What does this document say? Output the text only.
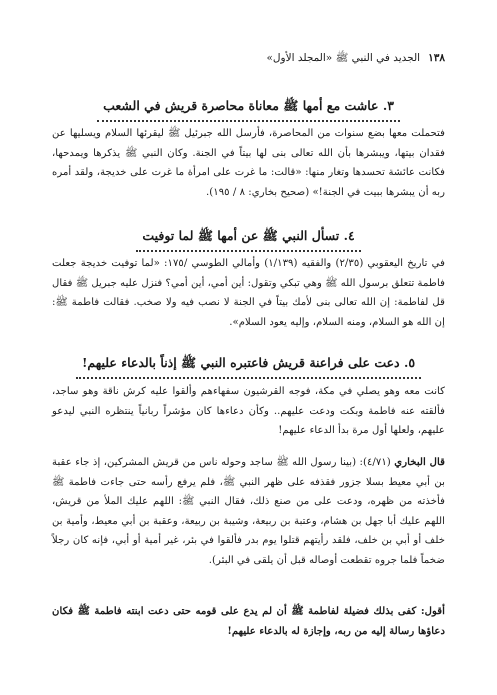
١٣٨
الجديد في النبي ﷺ «المجلد الأول»
٣. عاشت مع أمها ﷺ معاناة محاصرة قريش في الشعب
فتحملت معها بضع سنوات من المحاصرة، فأرسل الله جبرئيل ﷺ ليقرئها السلام ويسليها عن فقدان بيتها، ويبشرها بأن الله تعالى بنى لها بيتاً في الجنة. وكان النبي ﷺ يذكرها ويمدحها، فكانت عائشة تحسدها وتغار منها: «قالت: ما غرت على امرأة ما غرت على خديجة، ولقد أمره ربه أن يبشرها ببيت في الجنة!» (صحيح بخاري: ٨ / ١٩٥).
٤. تسأل النبي ﷺ عن أمها ﷺ لما توفيت
في تاريخ اليعقوبي (٢/٣٥) والفقيه (١/١٣٩) وأمالي الطوسي /١٧٥: «لما توفيت خديجة جعلت فاطمة تتعلق برسول الله ﷺ وهي تبكي وتقول: أين أمي، أين أمي؟ فنزل عليه جبريل ﷺ فقال قل لفاطمة: إن الله تعالى بنى لأمك بيتاً في الجنة لا نصب فيه ولا صخب. فقالت فاطمة ﷺ: إن الله هو السلام، ومنه السلام، وإليه يعود السلام».
٥. دعت على فراعنة قريش فاعتبره النبي ﷺ إذناً بالدعاء عليهم!
كانت معه وهو يصلي في مكة، فوجه القرشيون سفهاءهم وألقوا عليه كرش ناقة وهو ساجد، فألقته عنه فاطمة وبكت ودعت عليهم.. وكأن دعاءها كان مؤشراً ربانياً ينتظره النبي ليدعو عليهم، ولعلها أول مرة بدأ الدعاء عليهم!
قال البخاري (٤/٧١): (بينا رسول الله ﷺ ساجد وحوله ناس من قريش المشركين، إذ جاء عقبة بن أبي معيط بسلا جزور فقذفه على ظهر النبي ﷺ، فلم يرفع رأسه حتى جاءت فاطمة ﷺ فأخذته من ظهره، ودعت على من صنع ذلك، فقال النبي ﷺ: اللهم عليك الملأ من قريش، اللهم عليك أبا جهل بن هشام، وعتبة بن ربيعة، وشيبة بن ربيعة، وعقبة بن أبي معيط، وأمية بن خلف أو أبي بن خلف، فلقد رأيتهم قتلوا يوم بدر فألقوا في بئر، غير أمية أو أبي، فإنه كان رجلاً ضخماً فلما جروه تقطعت أوصاله قبل أن يلقى في البئر).
أقول: كفى بذلك فضيلة لفاطمة ﷺ أن لم يدع على قومه حتى دعت ابنته فاطمة ﷺ فكان دعاؤها رسالة إليه من ربه، وإجازة له بالدعاء عليهم!
